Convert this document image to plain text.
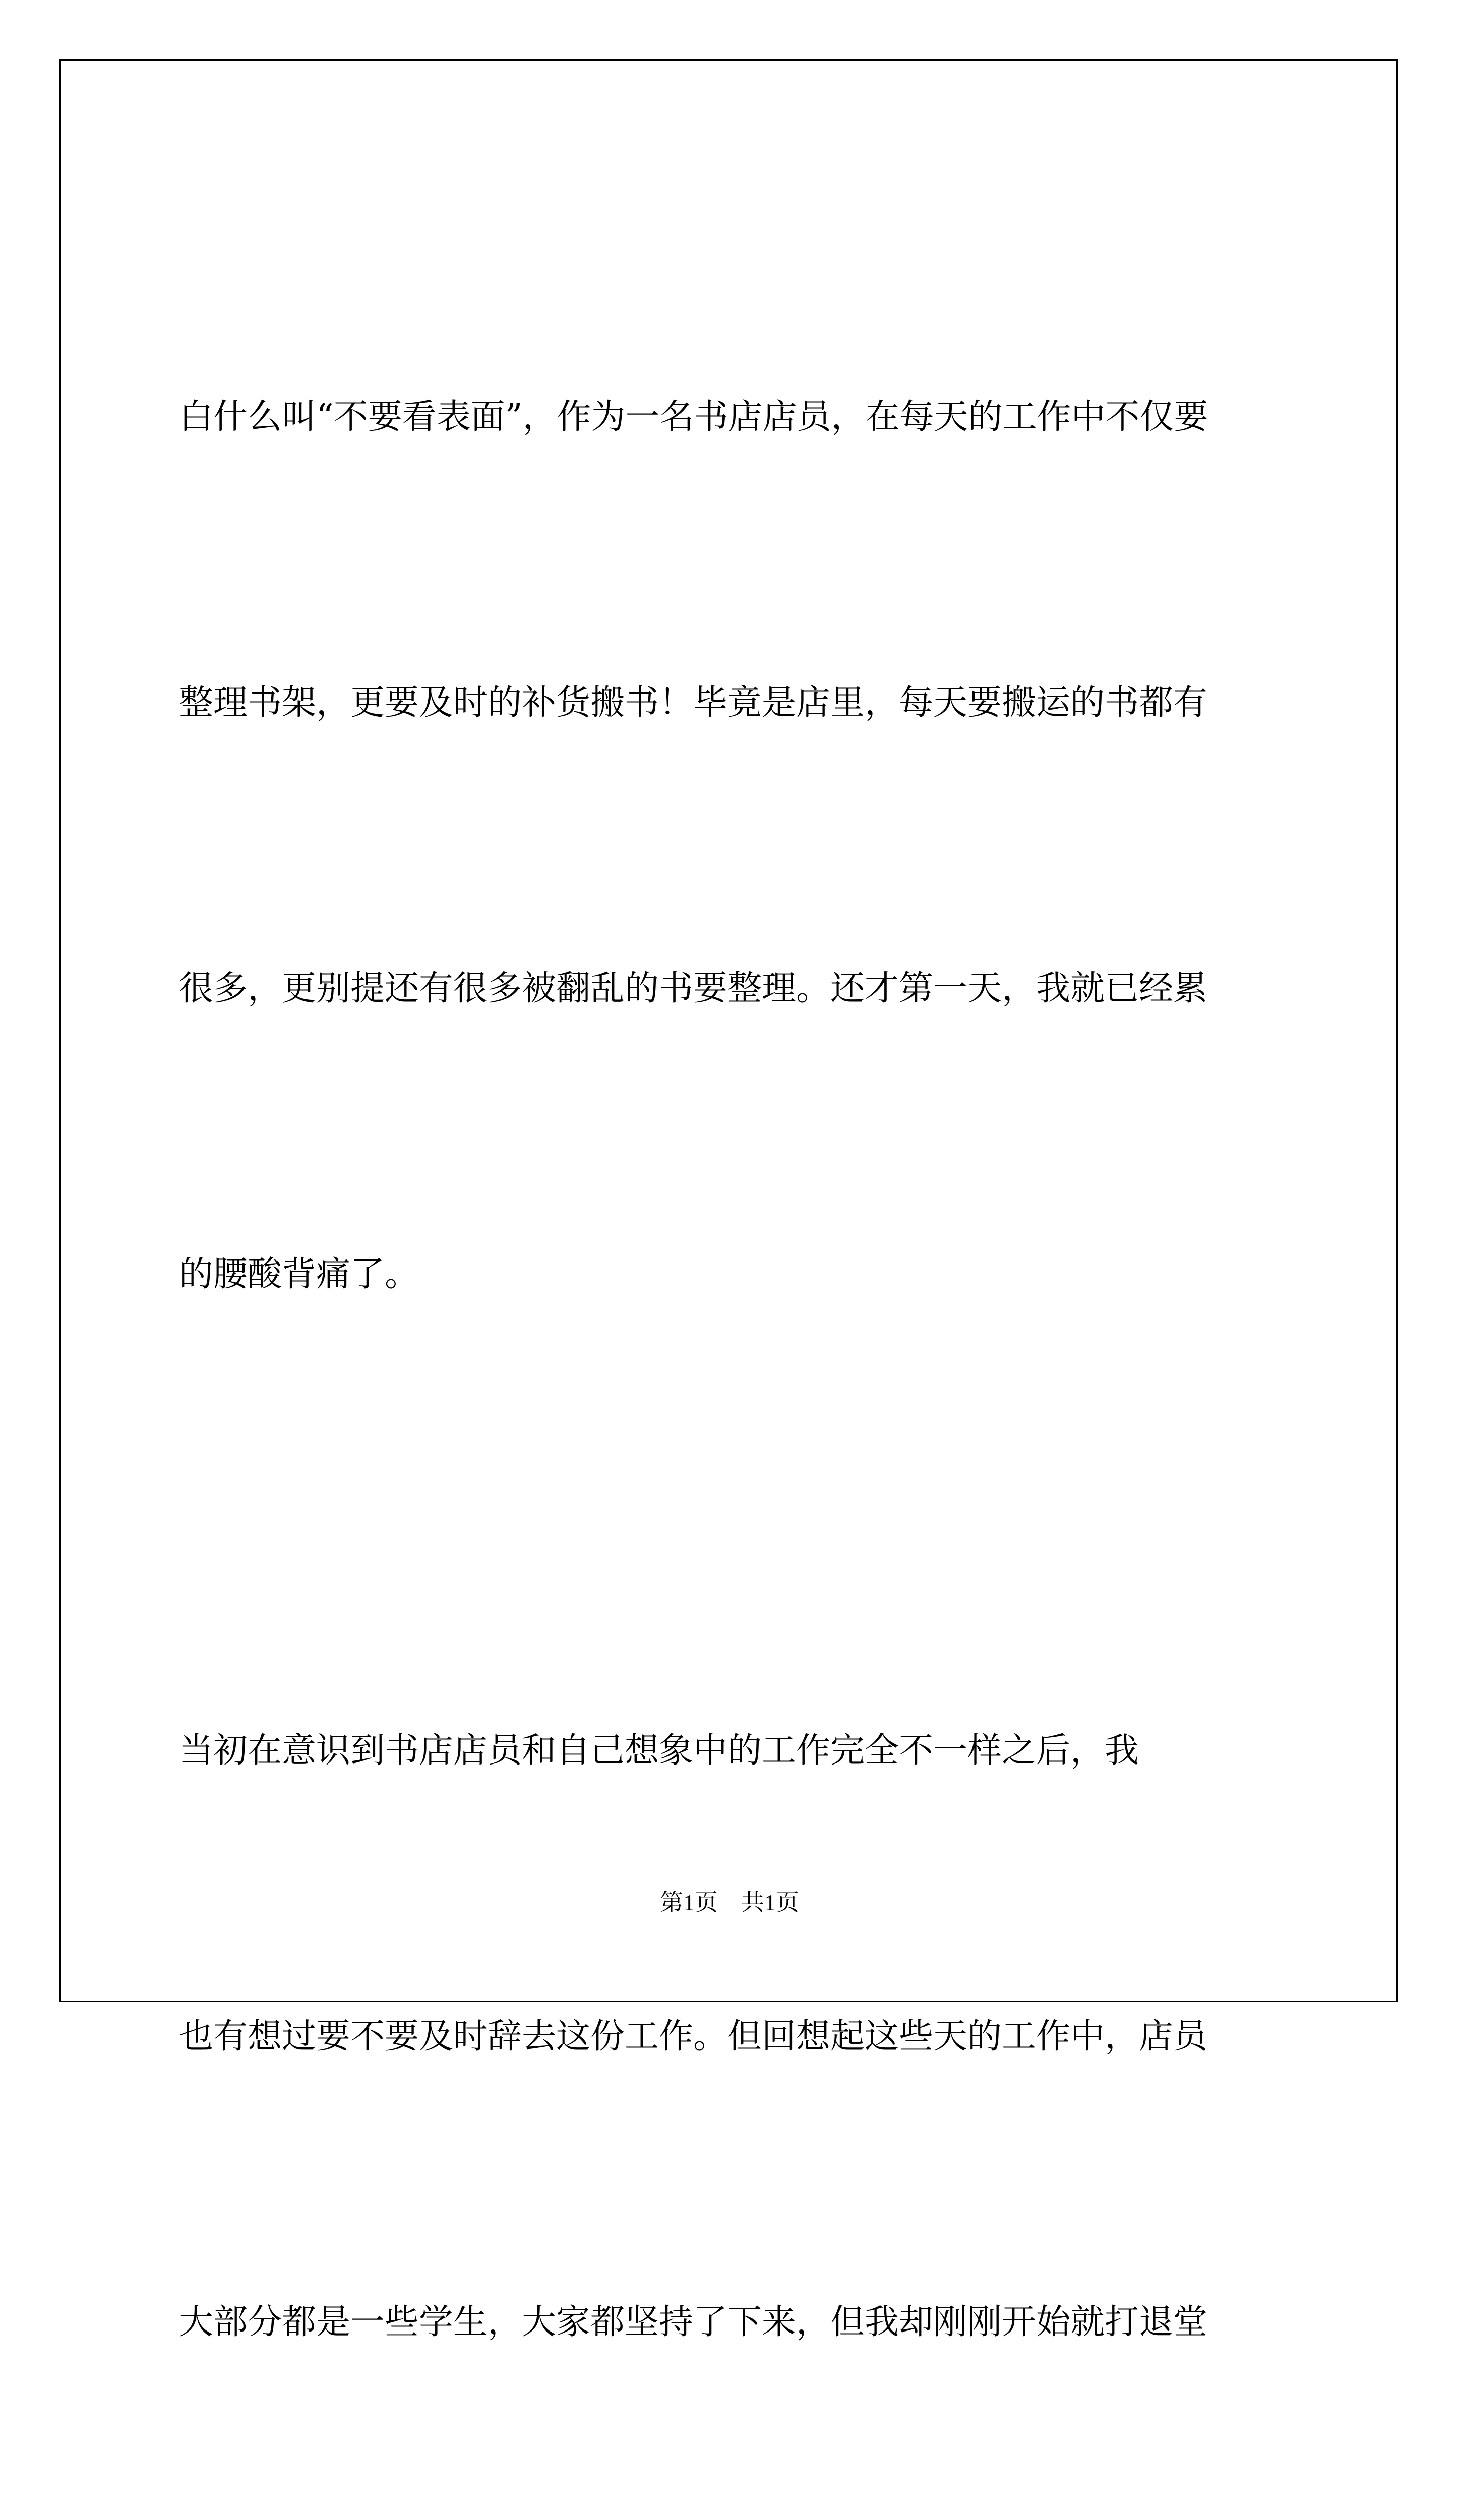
白什么叫“不要看表面”，作为一名书店店员，在每天的工作中不仅要

整理书架，更要及时的补货搬书！毕竟是店里，每天要搬运的书都有

很多，更别提还有很多被翻乱的书要整理。还才第一天，我就已经累

的腰酸背痛了。

当初在意识到书店店员和自己想象中的工作完全不一样之后，我

也有想过要不要及时辞去这份工作。但回想起这些天的工作中，店员

大部分都是一些学生，大家都坚持了下来，但我却刚刚开始就打退堂

第1页　共1页
